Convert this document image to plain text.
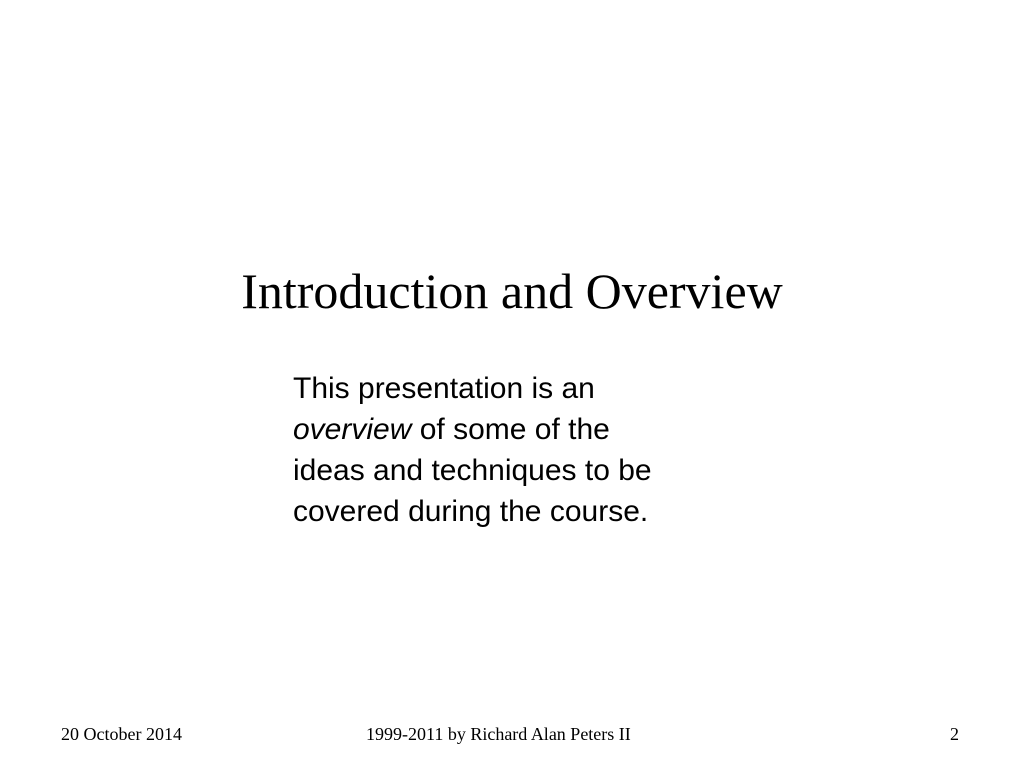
Introduction and Overview

This presentation is an
overview of some of the
ideas and techniques to be
covered during the course.

20 October 2014	1999-2011 by Richard Alan Peters II	2
